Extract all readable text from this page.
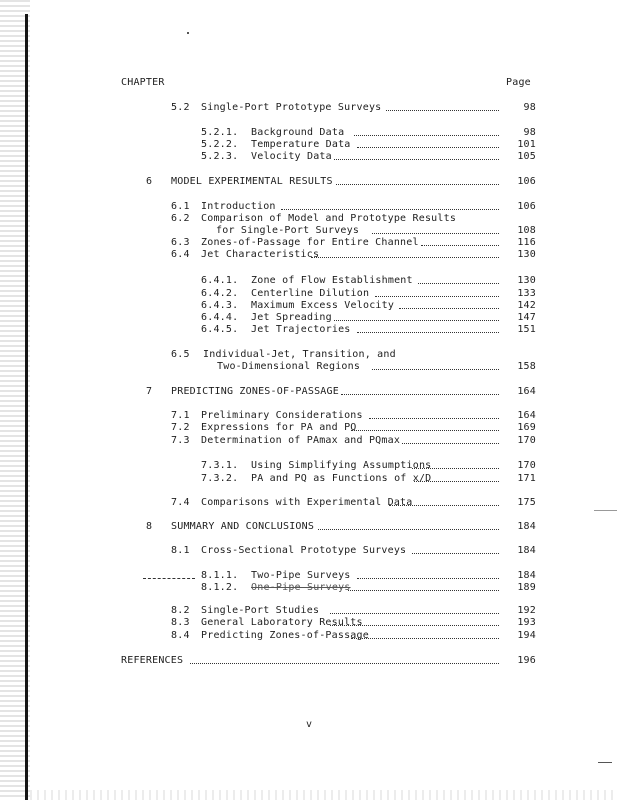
CHAPTER	Page
5.2 Single-Port Prototype Surveys	98
5.2.1. Background Data	98
5.2.2. Temperature Data	101
5.2.3. Velocity Data	105
6 MODEL EXPERIMENTAL RESULTS	106
6.1 Introduction	106
6.2 Comparison of Model and Prototype Results
for Single-Port Surveys	108
6.3 Zones-of-Passage for Entire Channel	116
6.4 Jet Characteristics	130
6.4.1. Zone of Flow Establishment	130
6.4.2. Centerline Dilution	133
6.4.3. Maximum Excess Velocity	142
6.4.4. Jet Spreading	147
6.4.5. Jet Trajectories	151
6.5 Individual-Jet, Transition, and
Two-Dimensional Regions	158
7 PREDICTING ZONES-OF-PASSAGE	164
7.1 Preliminary Considerations	164
7.2 Expressions for PA and PQ	169
7.3 Determination of PAmax and PQmax	170
7.3.1. Using Simplifying Assumptions	170
7.3.2. PA and PQ as Functions of x/D	171
7.4 Comparisons with Experimental Data	175
8 SUMMARY AND CONCLUSIONS	184
8.1 Cross-Sectional Prototype Surveys	184
8.1.1. Two-Pipe Surveys	184
8.1.2. One-Pipe Surveys	189
8.2 Single-Port Studies	192
8.3 General Laboratory Results	193
8.4 Predicting Zones-of-Passage	194
REFERENCES	196
v
